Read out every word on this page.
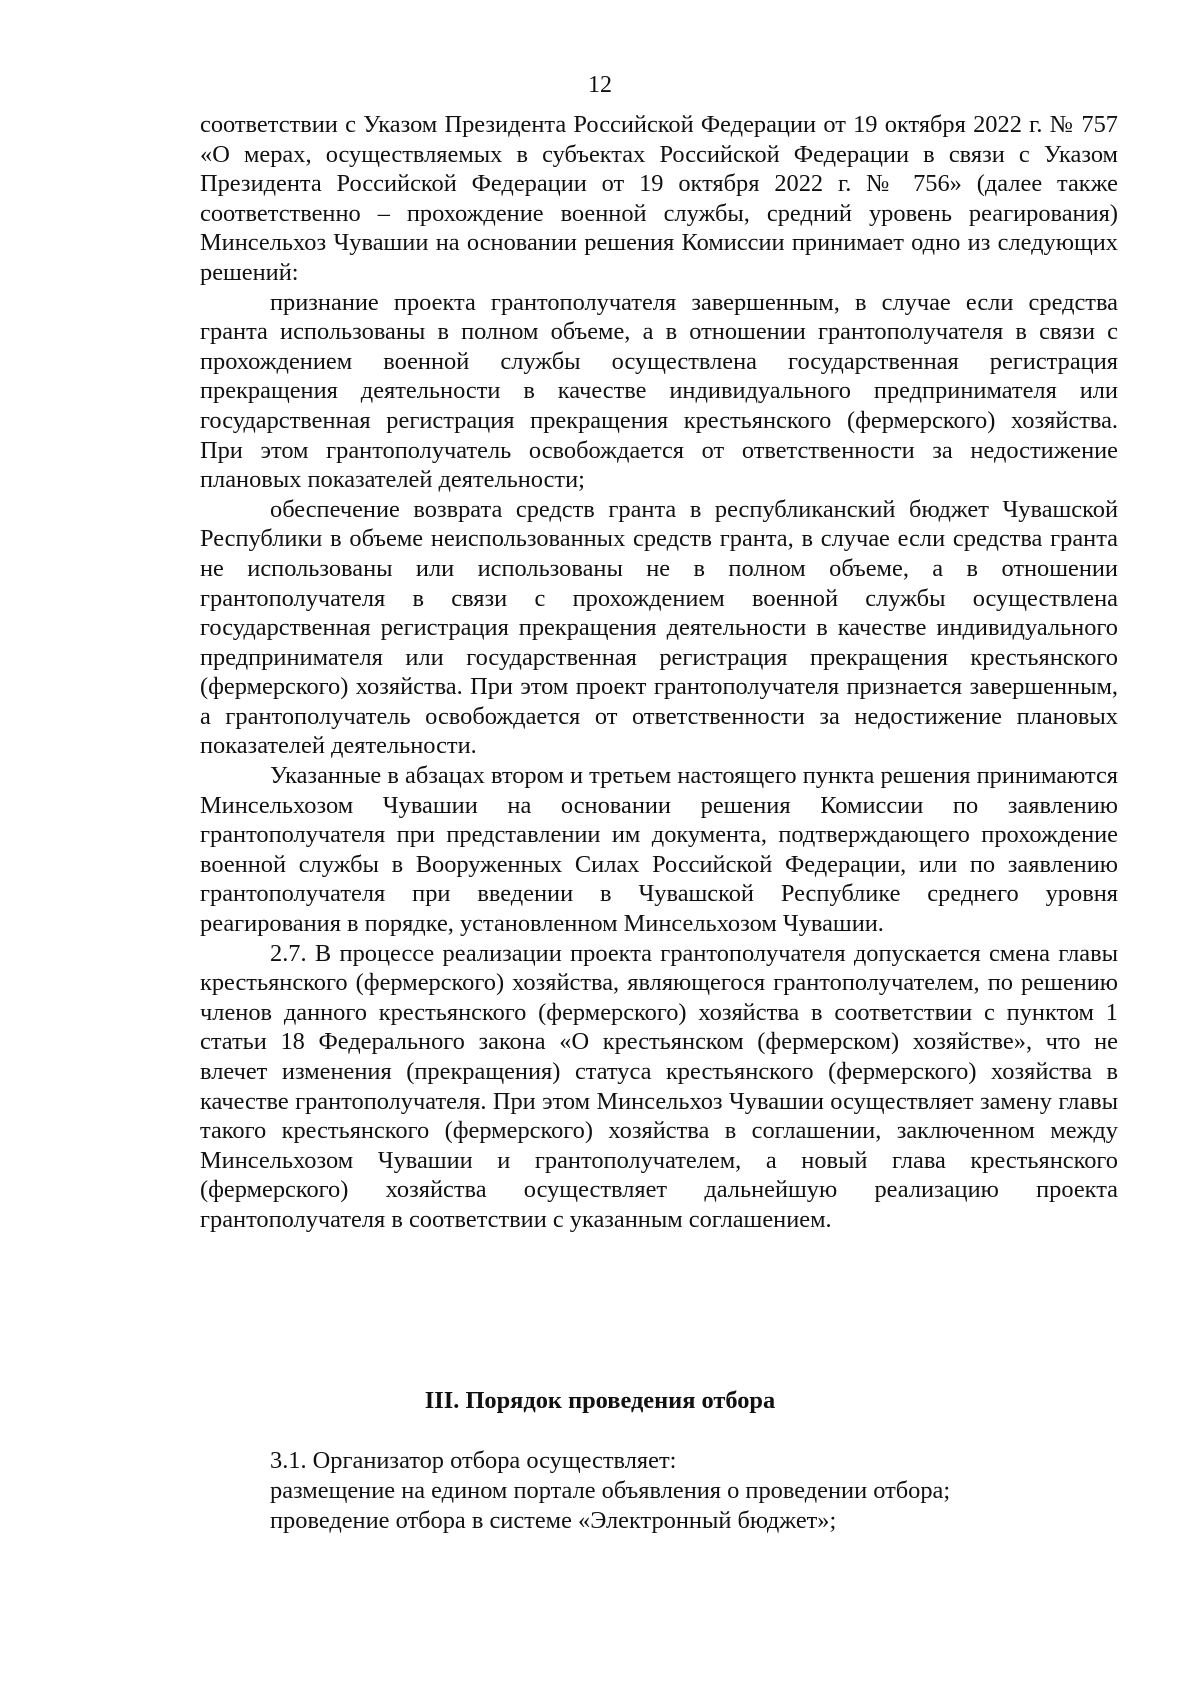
12

соответствии с Указом Президента Российской Федерации от 19 октября 2022 г. № 757 «О мерах, осуществляемых в субъектах Российской Федерации в связи с Указом Президента Российской Федерации от 19 октября 2022 г. № 756» (далее также соответственно – прохождение военной службы, средний уровень реагирования) Минсельхоз Чувашии на основании решения Комиссии принимает одно из следующих решений:

признание проекта грантополучателя завершенным, в случае если средства гранта использованы в полном объеме, а в отношении грантополучателя в связи с прохождением военной службы осуществлена государственная регистрация прекращения деятельности в качестве индивидуального предпринимателя или государственная регистрация прекращения крестьянского (фермерского) хозяйства. При этом грантополучатель освобождается от ответственности за недостижение плановых показателей деятельности;

обеспечение возврата средств гранта в республиканский бюджет Чувашской Республики в объеме неиспользованных средств гранта, в случае если средства гранта не использованы или использованы не в полном объеме, а в отношении грантополучателя в связи с прохождением военной службы осуществлена государственная регистрация прекращения деятельности в качестве индивидуального предпринимателя или государственная регистрация прекращения крестьянского (фермерского) хозяйства. При этом проект грантополучателя признается завершенным, а грантополучатель освобождается от ответственности за недостижение плановых показателей деятельности.

Указанные в абзацах втором и третьем настоящего пункта решения принимаются Минсельхозом Чувашии на основании решения Комиссии по заявлению грантополучателя при представлении им документа, подтверждающего прохождение военной службы в Вооруженных Силах Российской Федерации, или по заявлению грантополучателя при введении в Чувашской Республике среднего уровня реагирования в порядке, установленном Минсельхозом Чувашии.

2.7. В процессе реализации проекта грантополучателя допускается смена главы крестьянского (фермерского) хозяйства, являющегося грантополучателем, по решению членов данного крестьянского (фермерского) хозяйства в соответствии с пунктом 1 статьи 18 Федерального закона «О крестьянском (фермерском) хозяйстве», что не влечет изменения (прекращения) статуса крестьянского (фермерского) хозяйства в качестве грантополучателя. При этом Минсельхоз Чувашии осуществляет замену главы такого крестьянского (фермерского) хозяйства в соглашении, заключенном между Минсельхозом Чувашии и грантополучателем, а новый глава крестьянского (фермерского) хозяйства осуществляет дальнейшую реализацию проекта грантополучателя в соответствии с указанным соглашением.

III. Порядок проведения отбора

3.1. Организатор отбора осуществляет:

размещение на едином портале объявления о проведении отбора;

проведение отбора в системе «Электронный бюджет»;
